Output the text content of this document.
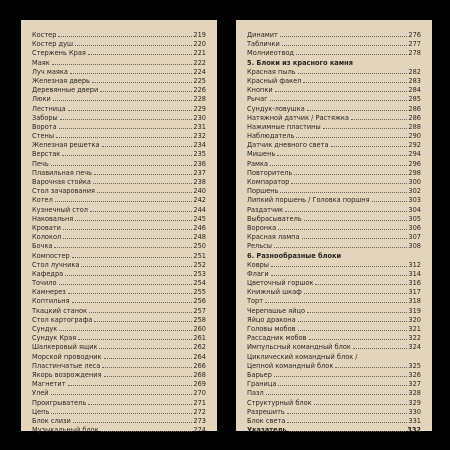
Костер	219
Костер душ	220
Стержень Края	221
Маяк	222
Луч маяка	224
Железная дверь	225
Деревянные двери	226
Люки	228
Лестница	229
Заборы	230
Ворота	231
Стены	232
Железная решетка	234
Верстак	235
Печь	236
Плавильная печь	237
Варочная стойка	238
Стол зачарования	240
Котел	242
Кузнечный стол	244
Наковальня	245
Кровати	246
Колокол	248
Бочка	250
Компостер	251
Стол лучника	252
Кафедра	253
Точило	254
Камнерез	255
Коптильня	256
Ткацкий станок	257
Стол картографа	258
Сундук	260
Сундук Края	261
Шалкеровый ящик	262
Морской проводник	264
Пластинчатые леса	266
Якорь возрождения	268
Магнетит	269
Улей	270
Проигрыватель	271
Цепь	272
Блок слизи	273
Музыкальный блок	274
Динамит	276
Таблички	277
Молниеотвод	278
5. Блоки из красного камня
Красная пыль	282
Красный факел	283
Кнопки	284
Рычаг	285
Сундук-ловушка	286
Натяжной датчик / Растяжка	286
Нажимные пластины	288
Наблюдатель	290
Датчик дневного света	292
Мишень	294
Рамка	296
Повторитель	298
Компаратор	300
Поршень	302
Липкий поршень / Головка поршня	303
Раздатчик	304
Выбрасыватель	305
Воронка	306
Красная лампа	307
Рельсы	308
6. Разнообразные блоки
Ковры	312
Флаги	314
Цветочный горшок	316
Книжный шкаф	317
Торт	318
Черепашье яйцо	319
Яйцо дракона	320
Головы мобов	321
Рассадник мобов	322
Импульсный командный блок	324
Циклический командный блок /
Цепной командный блок	325
Барьер	326
Граница	327
Пазл	328
Структурный блок	329
Разрешить	330
Блок света	331
Указатель	332
